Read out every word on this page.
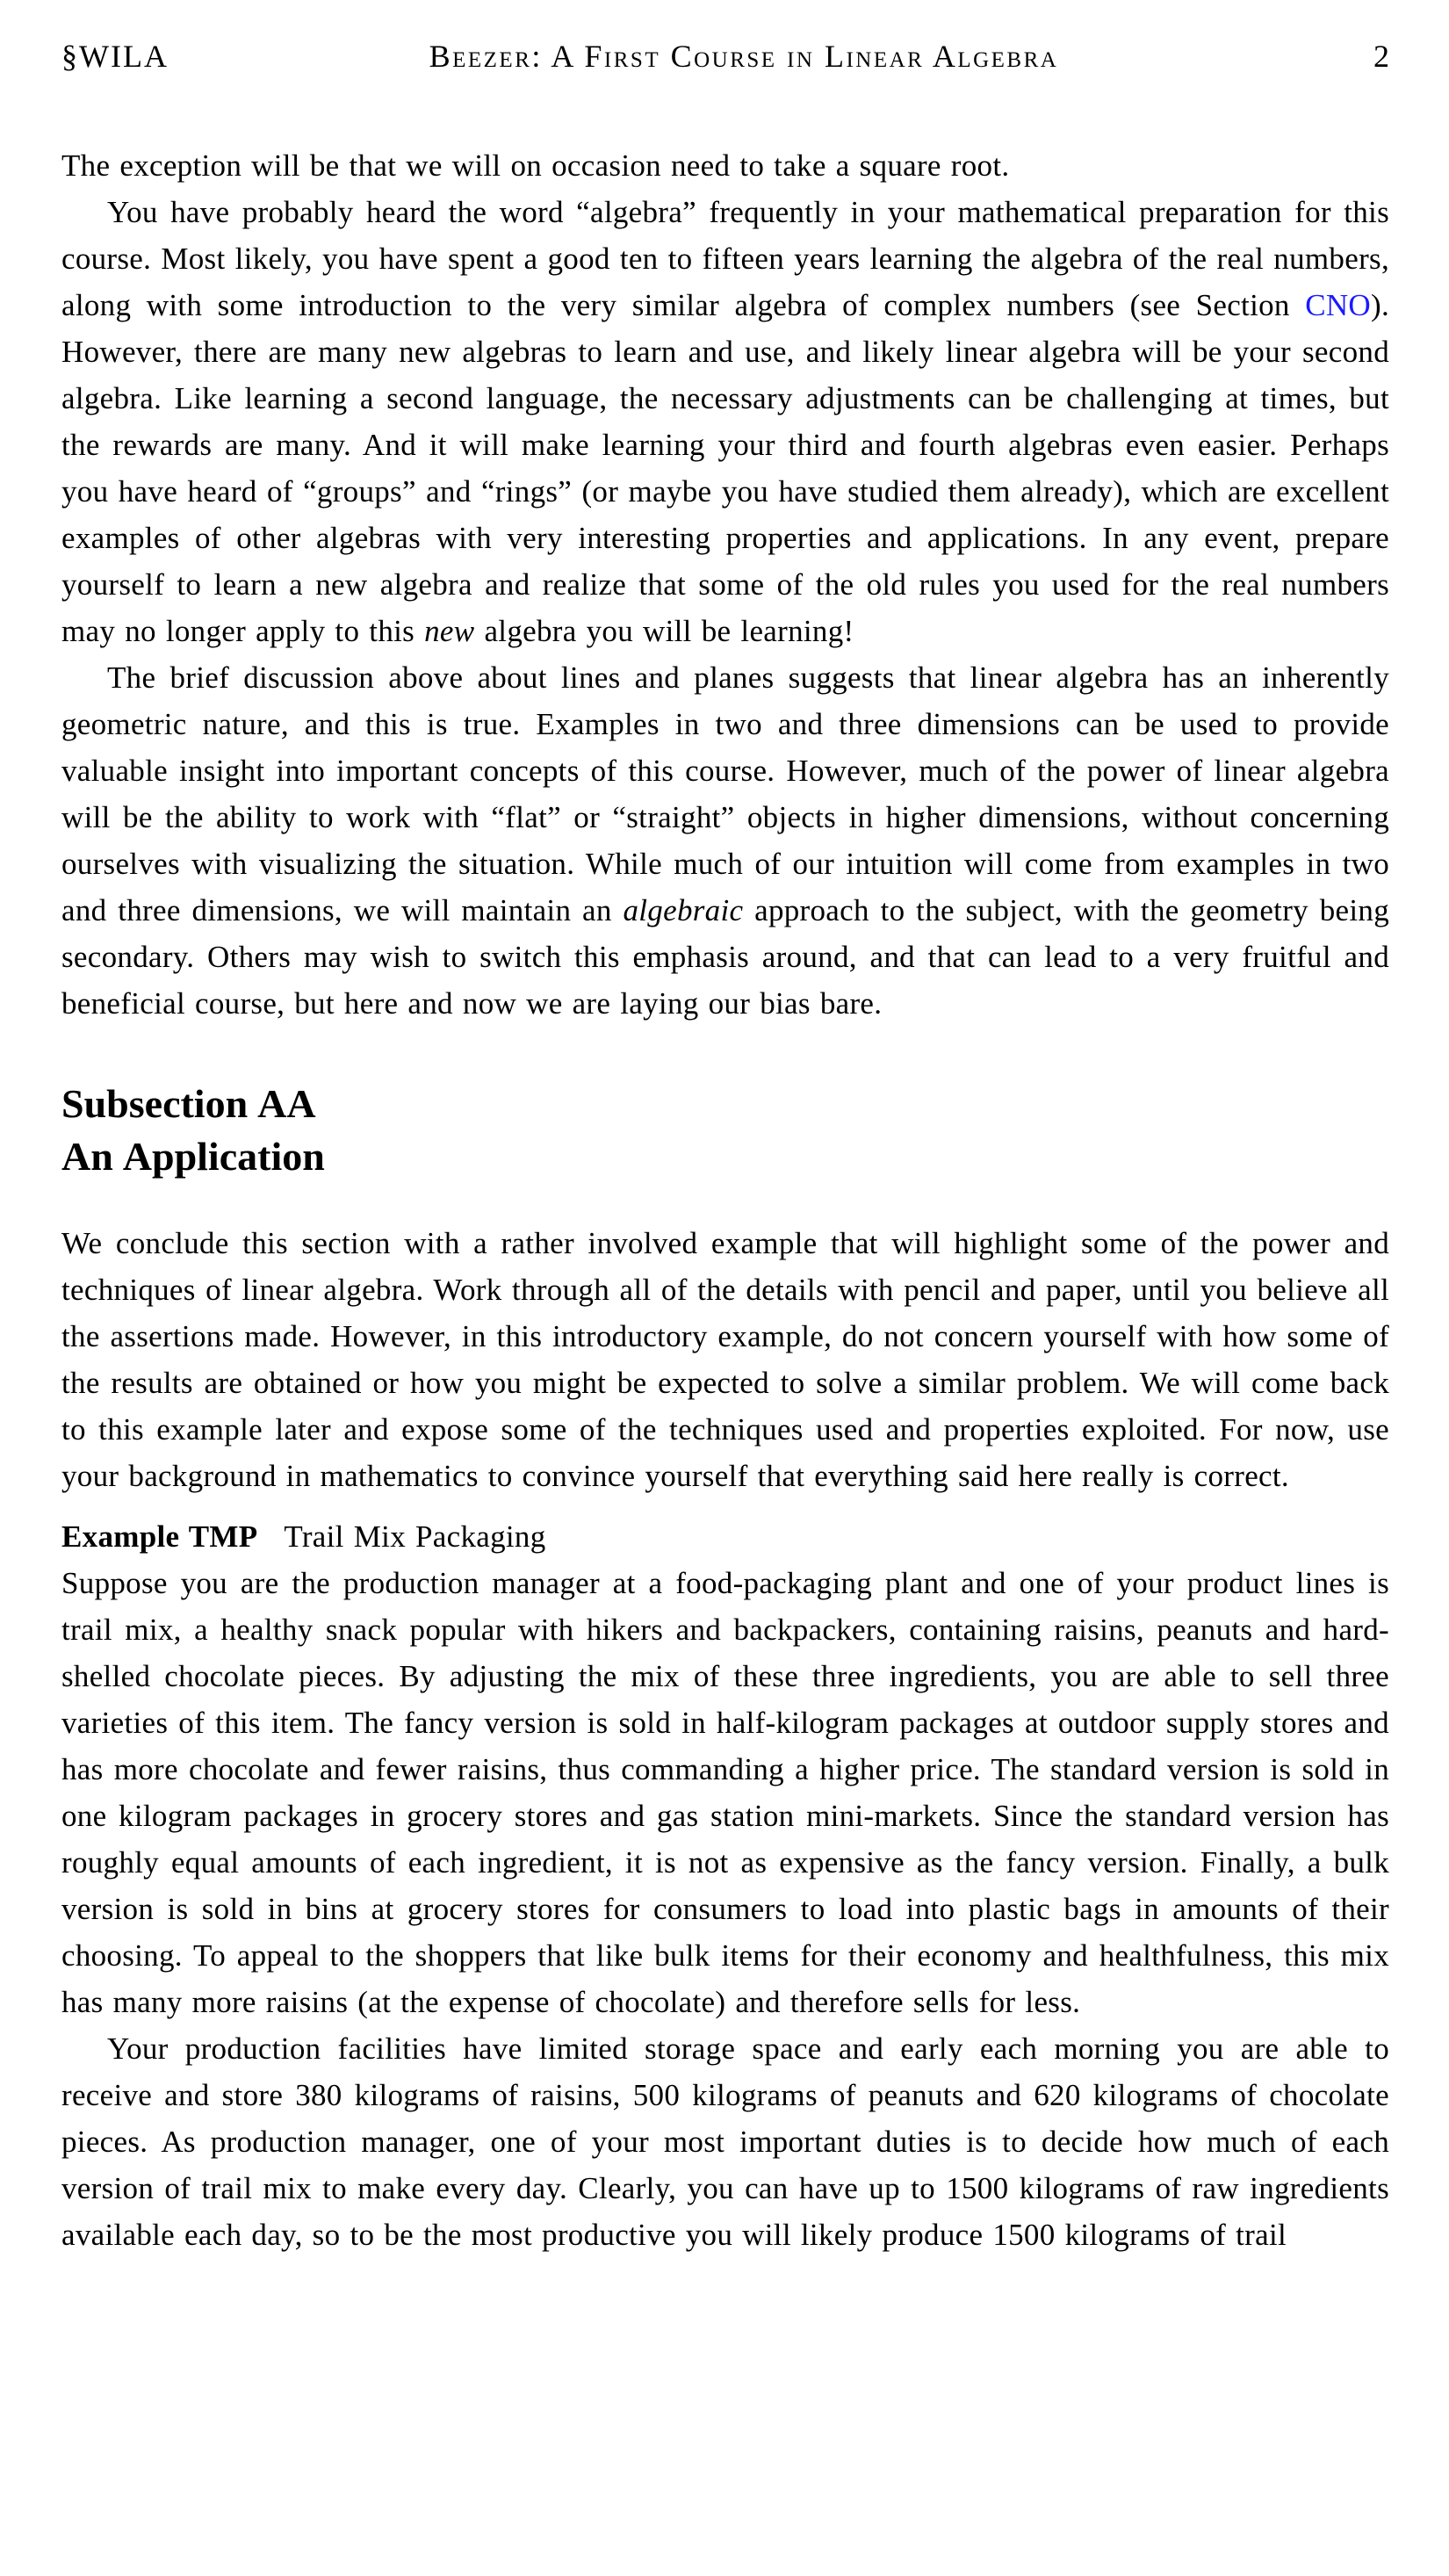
§WILA	Beezer: A First Course in Linear Algebra	2

The exception will be that we will on occasion need to take a square root.

You have probably heard the word “algebra” frequently in your mathematical preparation for this course. Most likely, you have spent a good ten to fifteen years learning the algebra of the real numbers, along with some introduction to the very similar algebra of complex numbers (see Section CNO). However, there are many new algebras to learn and use, and likely linear algebra will be your second algebra. Like learning a second language, the necessary adjustments can be challenging at times, but the rewards are many. And it will make learning your third and fourth algebras even easier. Perhaps you have heard of “groups” and “rings” (or maybe you have studied them already), which are excellent examples of other algebras with very interesting properties and applications. In any event, prepare yourself to learn a new algebra and realize that some of the old rules you used for the real numbers may no longer apply to this new algebra you will be learning!

The brief discussion above about lines and planes suggests that linear algebra has an inherently geometric nature, and this is true. Examples in two and three dimensions can be used to provide valuable insight into important concepts of this course. However, much of the power of linear algebra will be the ability to work with “flat” or “straight” objects in higher dimensions, without concerning ourselves with visualizing the situation. While much of our intuition will come from examples in two and three dimensions, we will maintain an algebraic approach to the subject, with the geometry being secondary. Others may wish to switch this emphasis around, and that can lead to a very fruitful and beneficial course, but here and now we are laying our bias bare.

Subsection AA
An Application

We conclude this section with a rather involved example that will highlight some of the power and techniques of linear algebra. Work through all of the details with pencil and paper, until you believe all the assertions made. However, in this introductory example, do not concern yourself with how some of the results are obtained or how you might be expected to solve a similar problem. We will come back to this example later and expose some of the techniques used and properties exploited. For now, use your background in mathematics to convince yourself that everything said here really is correct.

Example TMP Trail Mix Packaging

Suppose you are the production manager at a food-packaging plant and one of your product lines is trail mix, a healthy snack popular with hikers and backpackers, containing raisins, peanuts and hard-shelled chocolate pieces. By adjusting the mix of these three ingredients, you are able to sell three varieties of this item. The fancy version is sold in half-kilogram packages at outdoor supply stores and has more chocolate and fewer raisins, thus commanding a higher price. The standard version is sold in one kilogram packages in grocery stores and gas station mini-markets. Since the standard version has roughly equal amounts of each ingredient, it is not as expensive as the fancy version. Finally, a bulk version is sold in bins at grocery stores for consumers to load into plastic bags in amounts of their choosing. To appeal to the shoppers that like bulk items for their economy and healthfulness, this mix has many more raisins (at the expense of chocolate) and therefore sells for less.

Your production facilities have limited storage space and early each morning you are able to receive and store 380 kilograms of raisins, 500 kilograms of peanuts and 620 kilograms of chocolate pieces. As production manager, one of your most important duties is to decide how much of each version of trail mix to make every day. Clearly, you can have up to 1500 kilograms of raw ingredients available each day, so to be the most productive you will likely produce 1500 kilograms of trail
